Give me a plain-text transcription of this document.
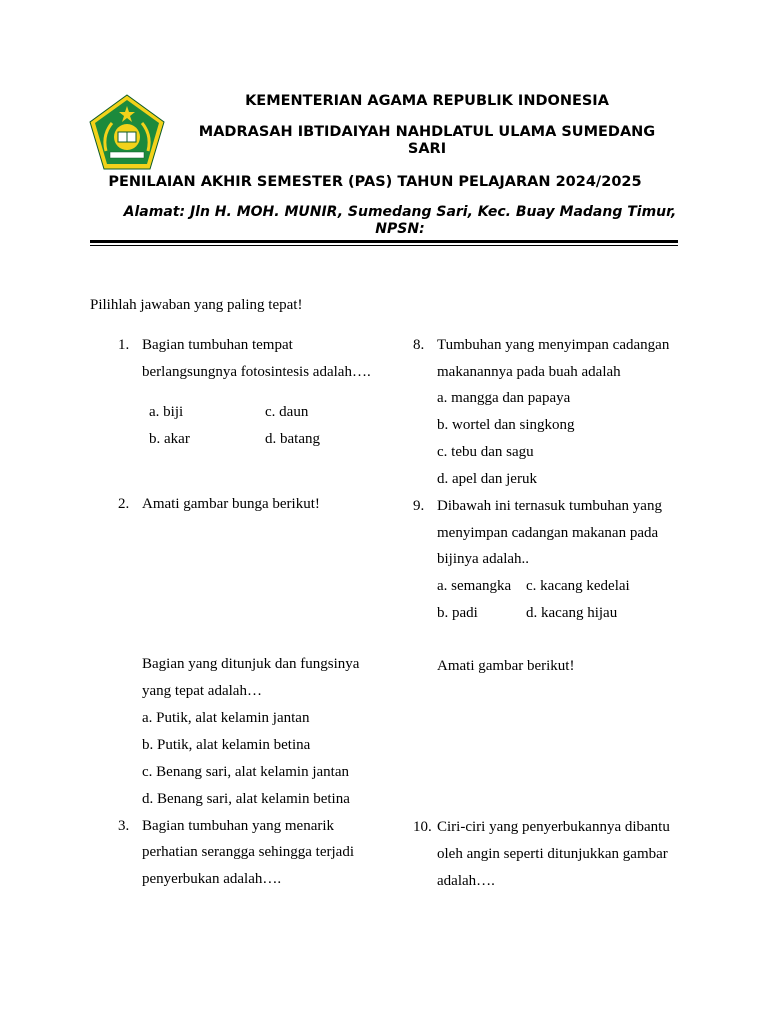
KEMENTERIAN AGAMA REPUBLIK INDONESIA
MADRASAH IBTIDAIYAH NAHDLATUL ULAMA SUMEDANG SARI
PENILAIAN AKHIR SEMESTER (PAS) TAHUN PELAJARAN 2024/2025
Alamat: Jln H. MOH. MUNIR, Sumedang Sari, Kec. Buay Madang Timur, NPSN:
Pilihlah jawaban yang paling tepat!
1. Bagian tumbuhan tempat
berlangsungnya fotosintesis adalah….
a. biji	c. daun
b. akar	d. batang
2. Amati gambar bunga berikut!
Bagian yang ditunjuk dan fungsinya
yang tepat adalah…
a. Putik, alat kelamin jantan
b. Putik, alat kelamin betina
c. Benang sari, alat kelamin jantan
d. Benang sari, alat kelamin betina
3. Bagian tumbuhan yang menarik
perhatian serangga sehingga terjadi
penyerbukan adalah….
8. Tumbuhan yang menyimpan cadangan
makanannya pada buah adalah
a. mangga dan papaya
b. wortel dan singkong
c. tebu dan sagu
d. apel dan jeruk
9. Dibawah ini ternasuk tumbuhan yang
menyimpan cadangan makanan pada
bijinya adalah..
a. semangka c. kacang kedelai
b. padi	d. kacang hijau
Amati gambar berikut!
10. Ciri-ciri yang penyerbukannya dibantu
oleh angin seperti ditunjukkan gambar
adalah….
